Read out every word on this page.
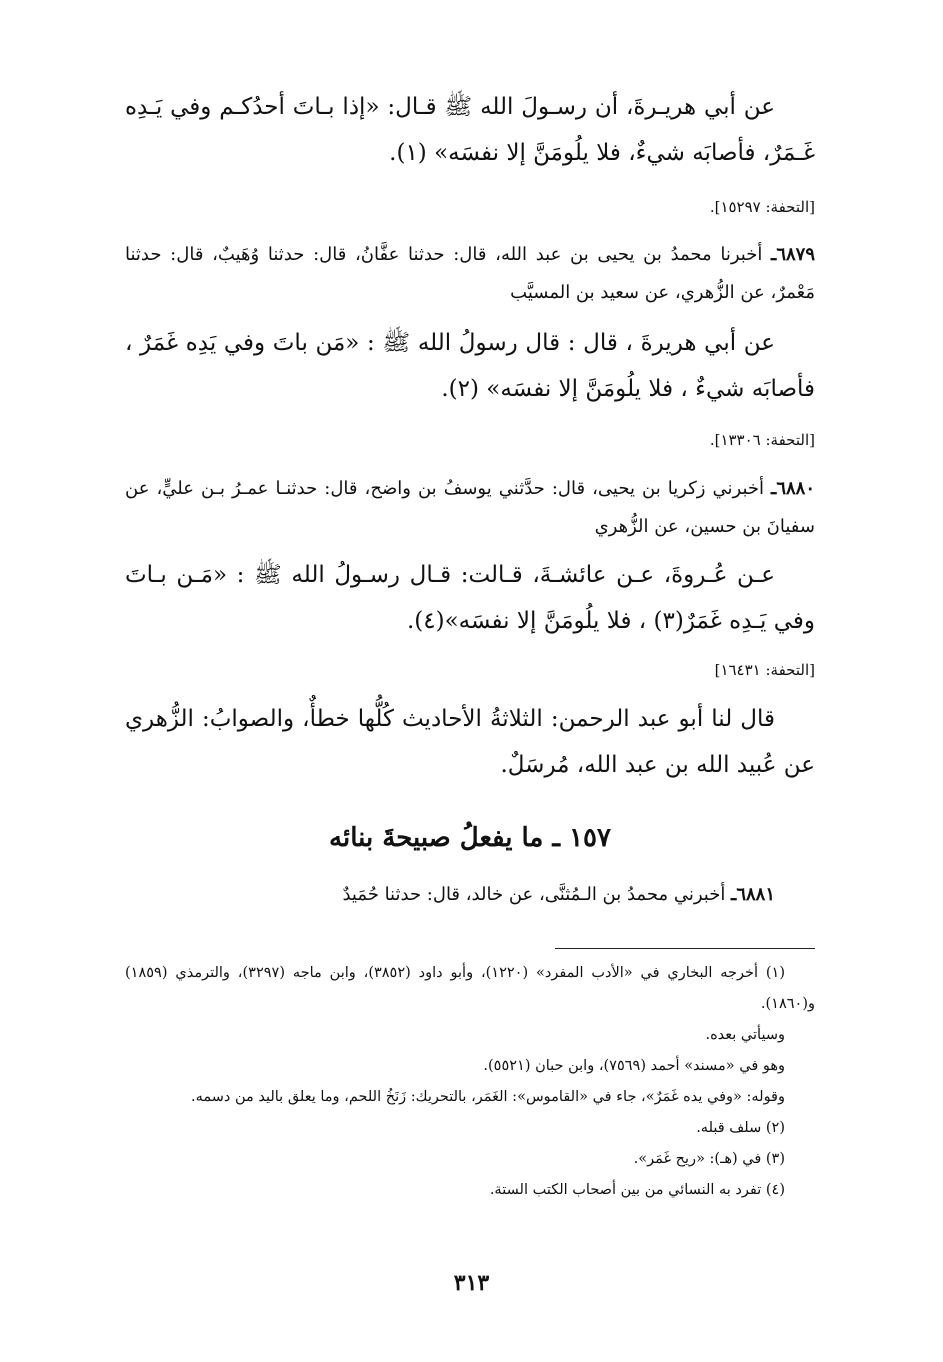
عن أبي هريـرةَ، أن رسـولَ الله ﷺ قـال: «إذا بـاتَ أحدُكـم وفي يَـدِه غَـمَرٌ، فأصابَه شيءٌ، فلا يلُومَنَّ إلا نفسَه» (١).
[التحفة: ١٥٢٩٧].
٦٨٧٩ـ أخبرنا محمدُ بن يحيى بن عبد الله، قال: حدثنا عفَّانُ، قال: حدثنا وُهَيبٌ، قال: حدثنا مَعْمرٌ، عن الزُّهري، عن سعيد بن المسيَّب
عن أبي هريرةَ ، قال : قال رسولُ الله ﷺ : «مَن باتَ وفي يَدِه غَمَرٌ ، فأصابَه شيءٌ ، فلا يلُومَنَّ إلا نفسَه» (٢).
[التحفة: ١٣٣٠٦].
٦٨٨٠ـ أخبرني زكريا بن يحيى، قال: حدَّثني يوسفُ بن واضح، قال: حدثنـا عمـرُ بـن عليٍّ، عن سفيانَ بن حسين، عن الزُّهري
عـن عُـروةَ، عـن عائشـةَ، قـالت: قـال رسـولُ الله ﷺ : «مَـن بـاتَ وفي يَـدِه غَمَرٌ(٣) ، فلا يلُومَنَّ إلا نفسَه»(٤).
[التحفة: ١٦٤٣١]
قال لنا أبو عبد الرحمن: الثلاثةُ الأحاديث كُلُّها خطأٌ، والصوابُ: الزُّهري عن عُبيد الله بن عبد الله، مُرسَلٌ.
١٥٧ ـ ما يفعلُ صبيحةَ بنائه
٦٨٨١ـ أخبرني محمدُ بن الـمُثنَّى، عن خالد، قال: حدثنا حُمَيدٌ
(١) أخرجه البخاري في «الأدب المفرد» (١٢٢٠)، وأبو داود (٣٨٥٢)، وابن ماجه (٣٢٩٧)، والترمذي (١٨٥٩) و(١٨٦٠).
وسيأتي بعده.
وهو في «مسند» أحمد (٧٥٦٩)، وابن حبان (٥٥٢١).
وقوله: «وفي يده غَمَرٌ»، جاء في «القاموس»: الغَمَر، بالتحريك: زَنَخُ اللحم، وما يعلق باليد من دسمه.
(٢) سلف قبله.
(٣) في (هـ): «ريح غَمَر».
(٤) تفرد به النسائي من بين أصحاب الكتب الستة.
٣١٣
